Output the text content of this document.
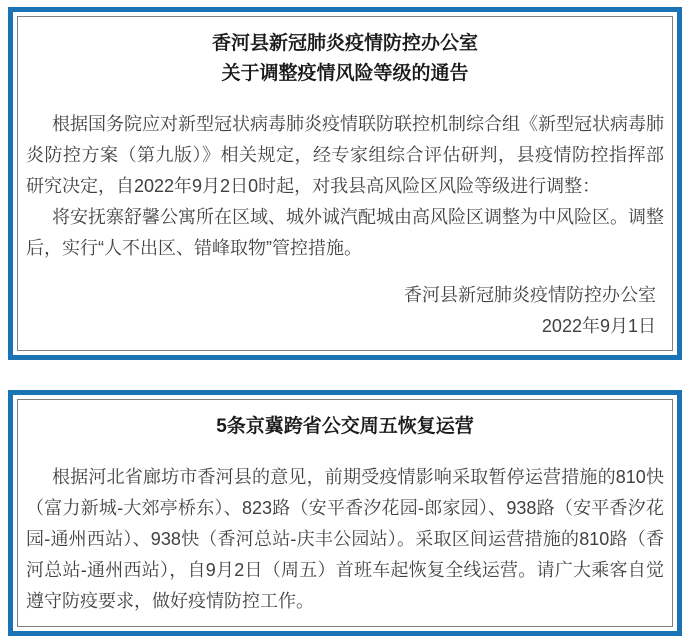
香河县新冠肺炎疫情防控办公室
关于调整疫情风险等级的通告

根据国务院应对新型冠状病毒肺炎疫情联防联控机制综合组《新型冠状病毒肺炎防控方案（第九版）》相关规定，经专家组综合评估研判，县疫情防控指挥部研究决定，自2022年9月2日0时起，对我县高风险区风险等级进行调整：

将安抚寨舒馨公寓所在区域、城外诚汽配城由高风险区调整为中风险区。调整后，实行“人不出区、错峰取物”管控措施。

香河县新冠肺炎疫情防控办公室

2022年9月1日

5条京冀跨省公交周五恢复运营

根据河北省廊坊市香河县的意见，前期受疫情影响采取暂停运营措施的810快（富力新城-大郊亭桥东）、823路（安平香汐花园-郎家园）、938路（安平香汐花园-通州西站）、938快（香河总站-庆丰公园站）。采取区间运营措施的810路（香河总站-通州西站），自9月2日（周五）首班车起恢复全线运营。请广大乘客自觉遵守防疫要求，做好疫情防控工作。
